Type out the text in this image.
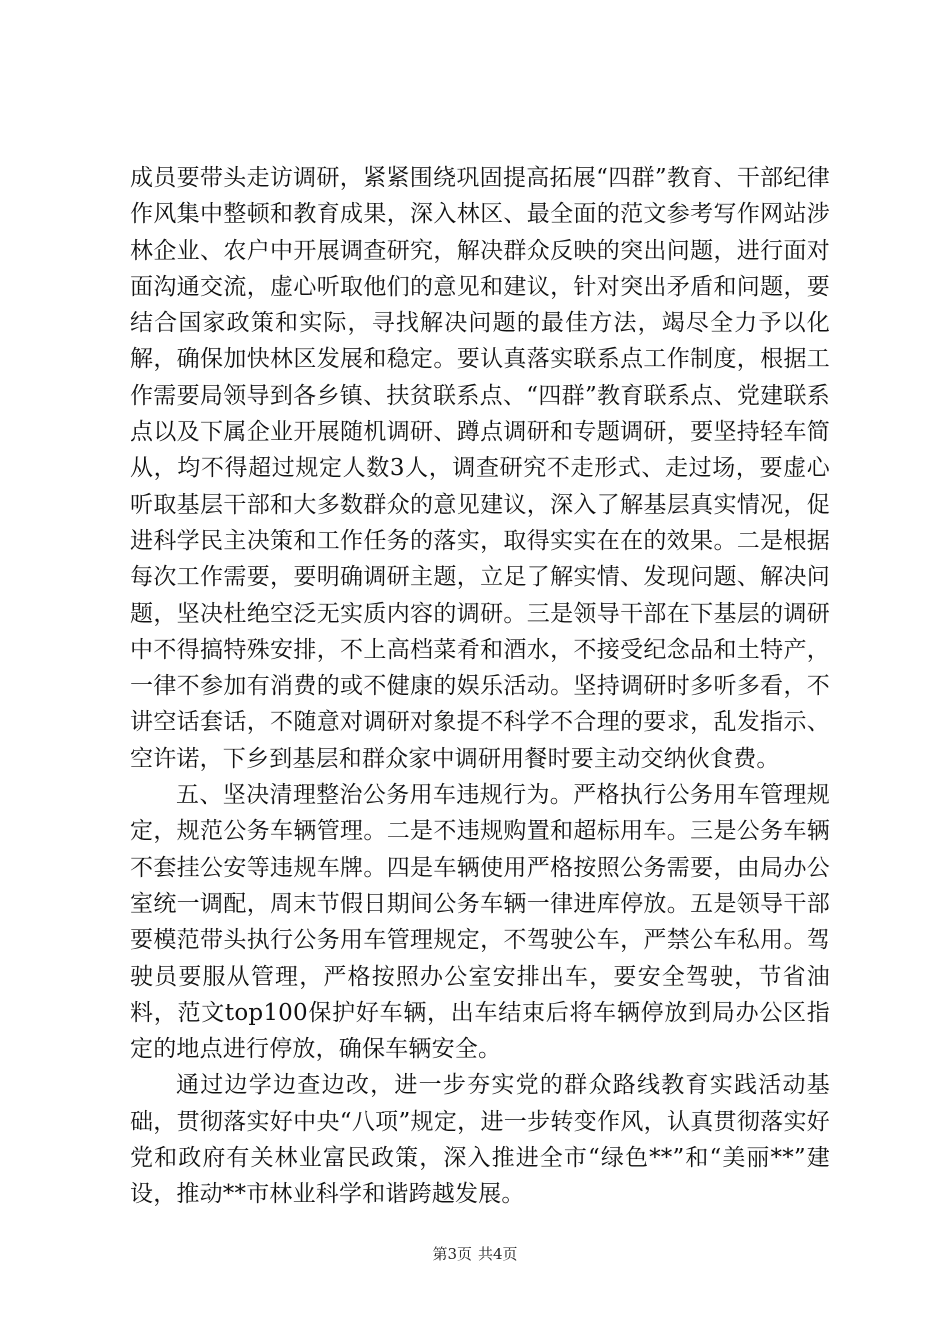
成员要带头走访调研，紧紧围绕巩固提高拓展“四群”教育、干部纪律作风集中整顿和教育成果，深入林区、最全面的范文参考写作网站涉林企业、农户中开展调查研究，解决群众反映的突出问题，进行面对面沟通交流，虚心听取他们的意见和建议，针对突出矛盾和问题，要结合国家政策和实际，寻找解决问题的最佳方法，竭尽全力予以化解，确保加快林区发展和稳定。要认真落实联系点工作制度，根据工作需要局领导到各乡镇、扶贫联系点、“四群”教育联系点、党建联系点以及下属企业开展随机调研、蹲点调研和专题调研，要坚持轻车简从，均不得超过规定人数3人，调查研究不走形式、走过场，要虚心听取基层干部和大多数群众的意见建议，深入了解基层真实情况，促进科学民主决策和工作任务的落实，取得实实在在的效果。二是根据每次工作需要，要明确调研主题，立足了解实情、发现问题、解决问题，坚决杜绝空泛无实质内容的调研。三是领导干部在下基层的调研中不得搞特殊安排，不上高档菜肴和酒水，不接受纪念品和土特产，一律不参加有消费的或不健康的娱乐活动。坚持调研时多听多看，不讲空话套话，不随意对调研对象提不科学不合理的要求，乱发指示、空许诺，下乡到基层和群众家中调研用餐时要主动交纳伙食费。

五、坚决清理整治公务用车违规行为。严格执行公务用车管理规定，规范公务车辆管理。二是不违规购置和超标用车。三是公务车辆不套挂公安等违规车牌。四是车辆使用严格按照公务需要，由局办公室统一调配，周末节假日期间公务车辆一律进库停放。五是领导干部要模范带头执行公务用车管理规定，不驾驶公车，严禁公车私用。驾驶员要服从管理，严格按照办公室安排出车，要安全驾驶，节省油料，范文top100保护好车辆，出车结束后将车辆停放到局办公区指定的地点进行停放，确保车辆安全。

通过边学边查边改，进一步夯实党的群众路线教育实践活动基础，贯彻落实好中央“八项”规定，进一步转变作风，认真贯彻落实好党和政府有关林业富民政策，深入推进全市“绿色**”和“美丽**”建设，推动**市林业科学和谐跨越发展。

第3页 共4页
